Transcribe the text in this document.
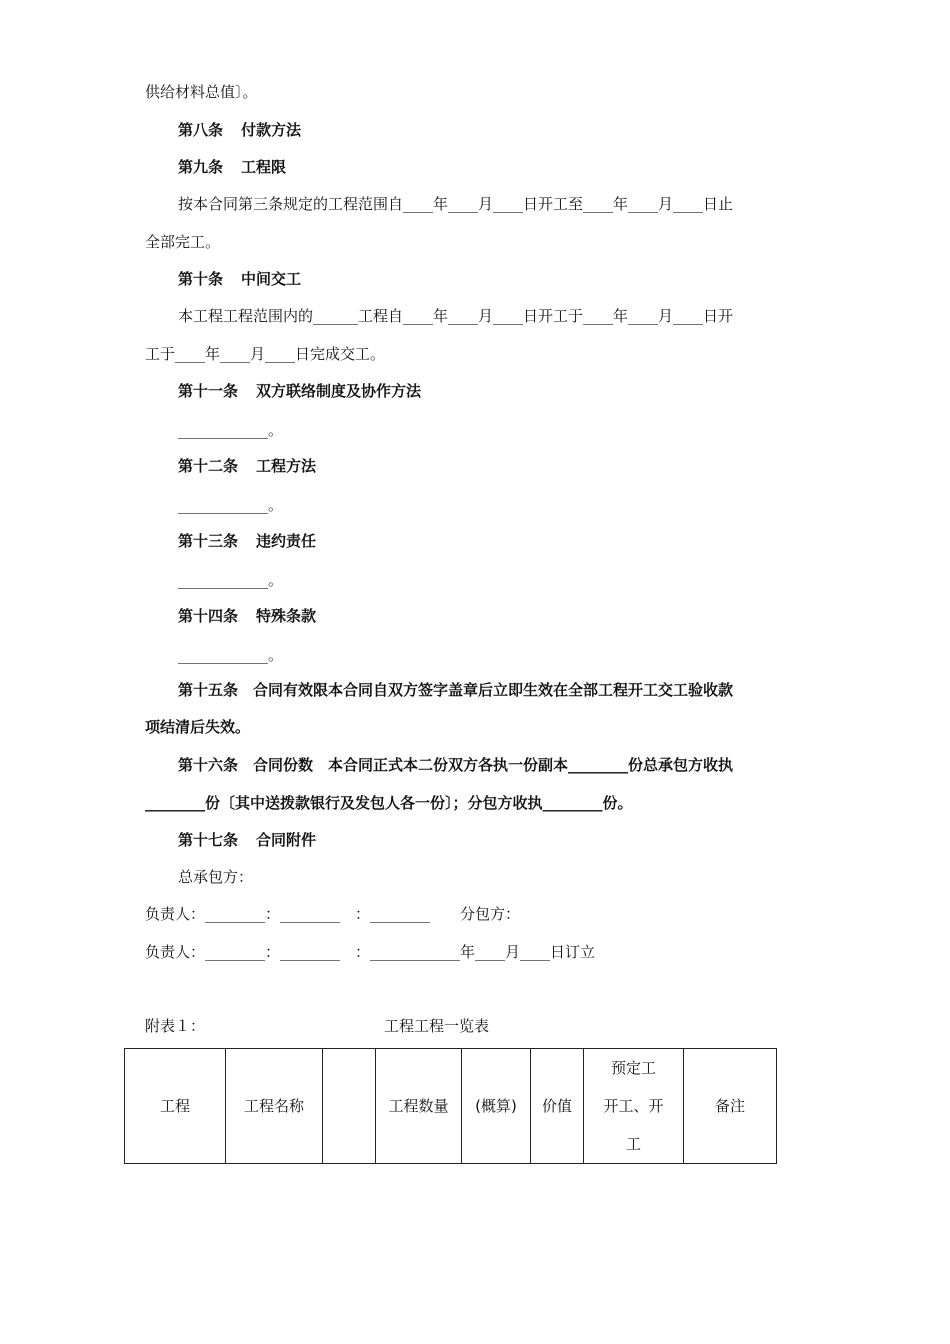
供给材料总值〕。
第八条 付款方法
第九条 工程限
按本合同第三条规定的工程范围自____年____月____日开工至____年____月____日止
全部完工。
第十条 中间交工
本工程工程范围内的______工程自____年____月____日开工于____年____月____日开
工于____年____月____日完成交工。
第十一条 双方联络制度及协作方法
____________。
第十二条 工程方法
____________。
第十三条 违约责任
____________。
第十四条 特殊条款
____________。
第十五条　合同有效限本合同自双方签字盖章后立即生效在全部工程开工交工验收款
项结清后失效。
第十六条　合同份数　本合同正式本二份双方各执一份副本________份总承包方收执
________份〔其中送拨款银行及发包人各一份〕；分包方收执________份。
第十七条 合同附件
总承包方：
负责人：________：________　：________　　分包方：
负责人：________：________　：____________年____月____日订立
附表１：	工程工程一览表
工程	工程名称		工程数量	(概算)	价值	预定工
开工、开
工	备注
